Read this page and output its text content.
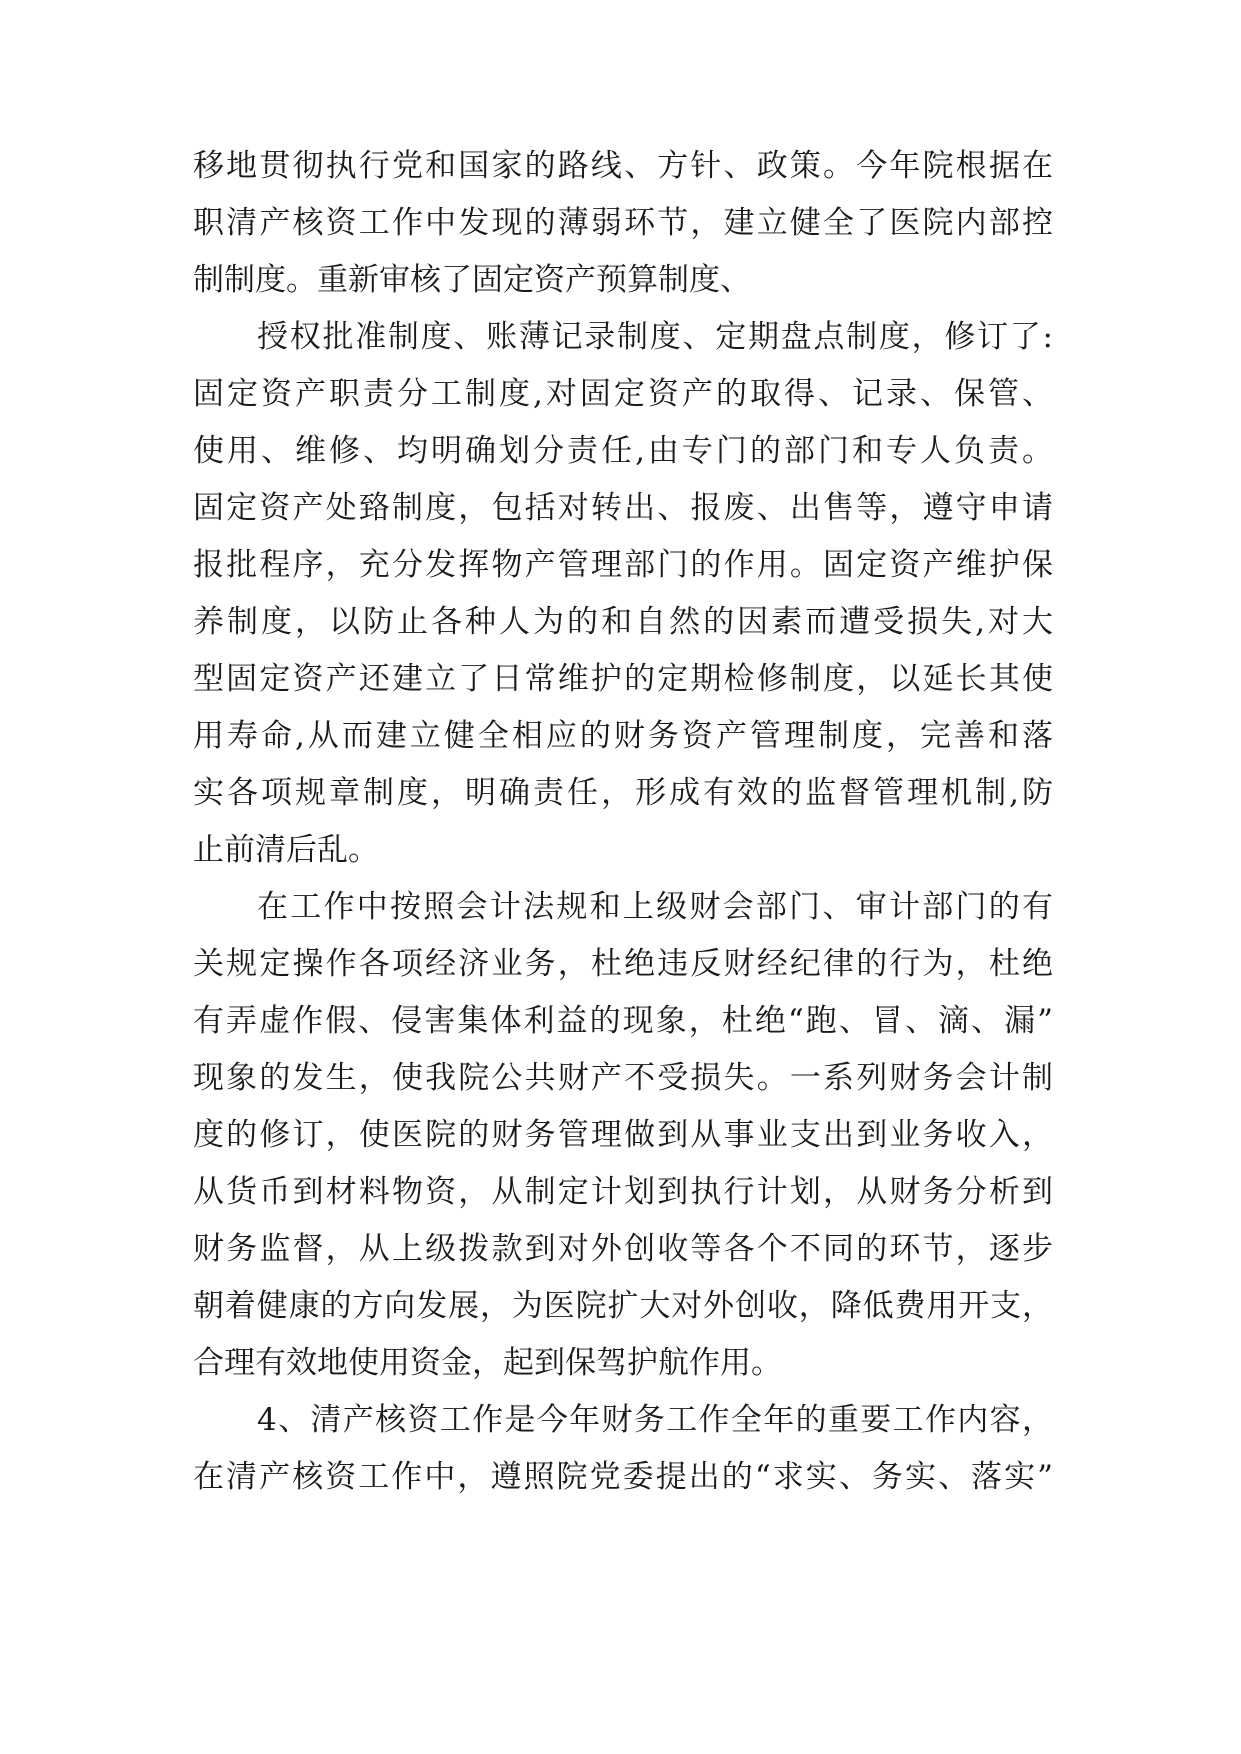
移地贯彻执行党和国家的路线、方针、政策。今年院根据在
职清产核资工作中发现的薄弱环节，建立健全了医院内部控
制制度。重新审核了固定资产预算制度、
授权批准制度、账薄记录制度、定期盘点制度，修订了:
固定资产职责分工制度,对固定资产的取得、记录、保管、
使用、维修、均明确划分责任,由专门的部门和专人负责。
固定资产处臵制度，包括对转出、报废、出售等，遵守申请
报批程序，充分发挥物产管理部门的作用。固定资产维护保
养制度，以防止各种人为的和自然的因素而遭受损失,对大
型固定资产还建立了日常维护的定期检修制度，以延长其使
用寿命,从而建立健全相应的财务资产管理制度，完善和落
实各项规章制度，明确责任，形成有效的监督管理机制,防
止前清后乱。
在工作中按照会计法规和上级财会部门、审计部门的有
关规定操作各项经济业务，杜绝违反财经纪律的行为，杜绝
有弄虚作假、侵害集体利益的现象，杜绝“跑、冒、滴、漏”
现象的发生，使我院公共财产不受损失。一系列财务会计制
度的修订，使医院的财务管理做到从事业支出到业务收入，
从货币到材料物资，从制定计划到执行计划，从财务分析到
财务监督，从上级拨款到对外创收等各个不同的环节，逐步
朝着健康的方向发展，为医院扩大对外创收，降低费用开支，
合理有效地使用资金，起到保驾护航作用。
4、清产核资工作是今年财务工作全年的重要工作内容，
在清产核资工作中，遵照院党委提出的“求实、务实、落实”
